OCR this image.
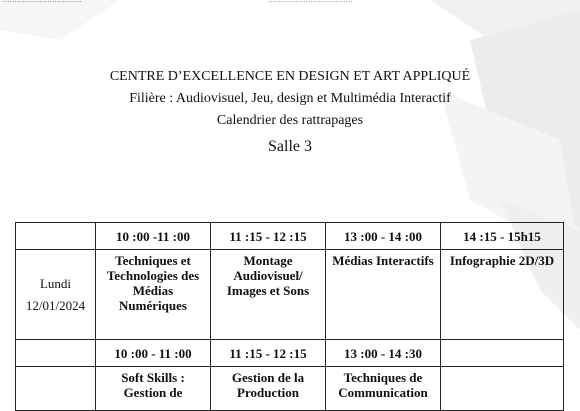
CENTRE D’EXCELLENCE EN DESIGN ET ART APPLIQUÉ
Filière : Audiovisuel, Jeu, design et Multimédia Interactif
Calendrier des rattrapages
Salle 3
	10 :00 -11 :00	11 :15 - 12 :15	13 :00 - 14 :00	14 :15 - 15h15

Lundi
12/01/2024	Techniques et Technologies des Médias Numériques	Montage Audiovisuel/ Images et Sons	Médias Interactifs	Infographie 2D/3D

	10 :00 - 11 :00	11 :15 - 12 :15	13 :00 - 14 :30	

	Soft Skills : Gestion de	Gestion de la Production	Techniques de Communication	
